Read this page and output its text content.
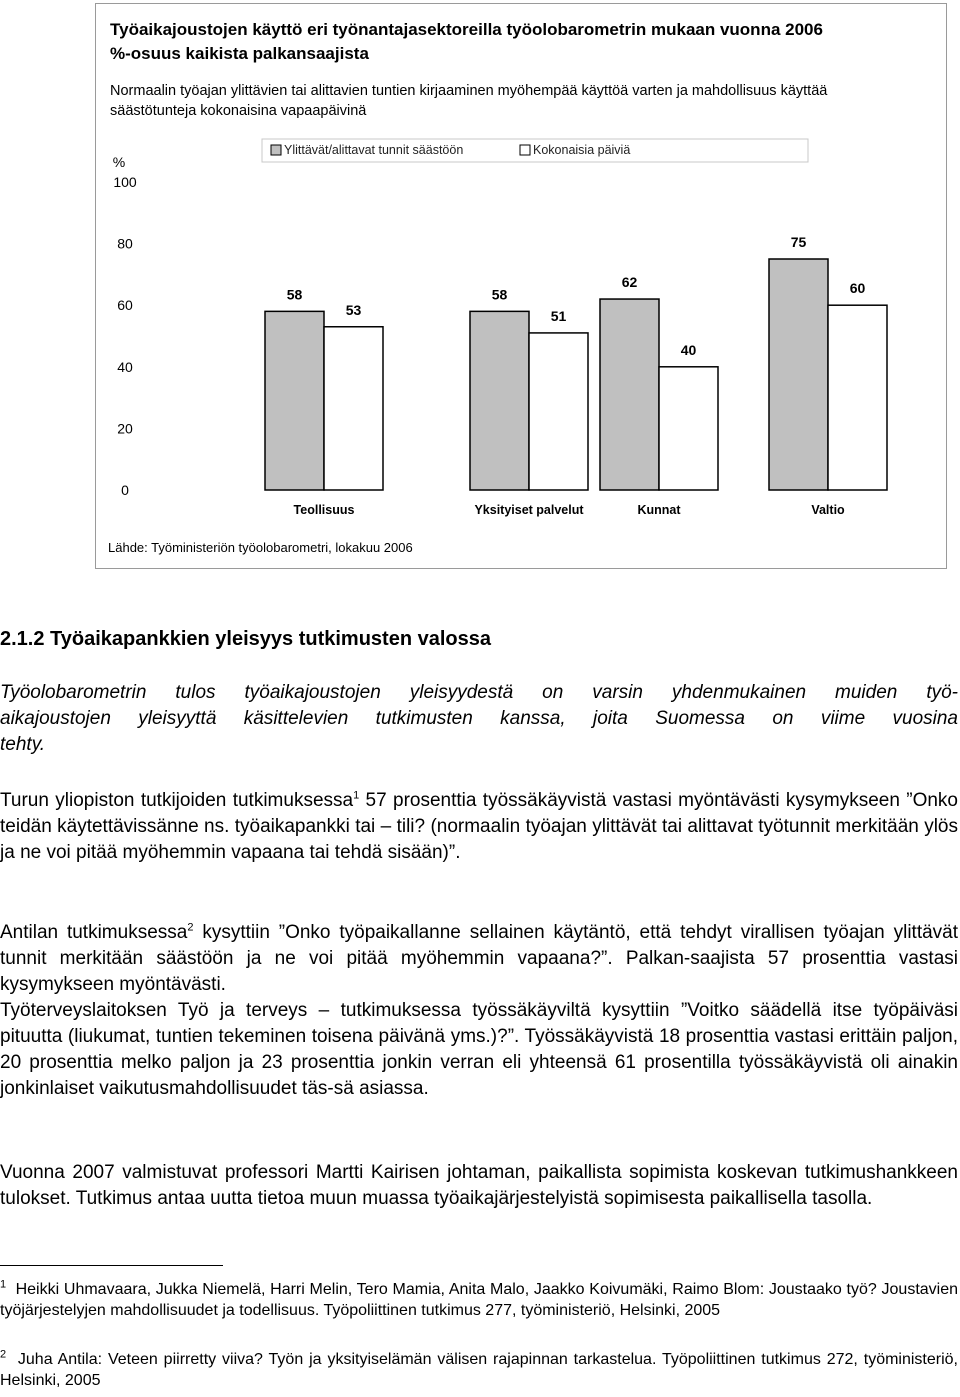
Työaikajoustojen käyttö eri työnantajasektoreilla työolobarometrin mukaan vuonna 2006
%-osuus kaikista palkansaajista
Normaalin työajan ylittävien tai alittavien tuntien kirjaaminen myöhempää käyttöä varten ja mahdollisuus käyttää säästötunteja kokonaisina vapaapäivinä
%
0
20
40
60
80
100
Ylittävät/alittavat tunnit säästöön	Kokonaisia päiviä
58
53
58
51
62
40
75
60
Teollisuus	Yksityiset palvelut	Kunnat	Valtio
Lähde: Työministeriön työolobarometri, lokakuu 2006
2.1.2 Työaikapankkien yleisyys tutkimusten valossa
Työolobarometrin tulos työaikajoustojen yleisyydestä on varsin yhdenmukainen muiden työ-
aikajoustojen yleisyyttä käsittelevien tutkimusten kanssa, joita Suomessa on viime vuosina
tehty.
Turun yliopiston tutkijoiden tutkimuksessa$^1$ 57 prosenttia työssäkäyvistä vastasi myöntävästi kysymykseen ”Onko teidän käytettävissänne ns. työaikapankki tai – tili? (normaalin työajan ylittävät tai alittavat työtunnit merkitään ylös ja ne voi pitää myöhemmin vapaana tai tehdä sisään)”.
Antilan tutkimuksessa$^2$ kysyttiin ”Onko työpaikallanne sellainen käytäntö, että tehdyt virallisen työajan ylittävät tunnit merkitään säästöön ja ne voi pitää myöhemmin vapaana?”. Palkan-saajista 57 prosenttia vastasi kysymykseen myöntävästi.
Työterveyslaitoksen Työ ja terveys – tutkimuksessa työssäkäyviltä kysyttiin ”Voitko säädellä itse työpäiväsi pituutta (liukumat, tuntien tekeminen toisena päivänä yms.)?”. Työssäkäyvistä 18 prosenttia vastasi erittäin paljon, 20 prosenttia melko paljon ja 23 prosenttia jonkin verran eli yhteensä 61 prosentilla työssäkäyvistä oli ainakin jonkinlaiset vaikutusmahdollisuudet täs-sä asiassa.
Vuonna 2007 valmistuvat professori Martti Kairisen johtaman, paikallista sopimista koskevan tutkimushankkeen tulokset. Tutkimus antaa uutta tietoa muun muassa työaikajärjestelyistä sopimisesta paikallisella tasolla.
$^1$ Heikki Uhmavaara, Jukka Niemelä, Harri Melin, Tero Mamia, Anita Malo, Jaakko Koivumäki, Raimo Blom: Joustaako työ? Joustavien työjärjestelyjen mahdollisuudet ja todellisuus. Työpoliittinen tutkimus 277, työministeriö, Helsinki, 2005
$^2$ Juha Antila: Veteen piirretty viiva? Työn ja yksityiselämän välisen rajapinnan tarkastelua. Työpoliittinen tutkimus 272, työministeriö, Helsinki, 2005
